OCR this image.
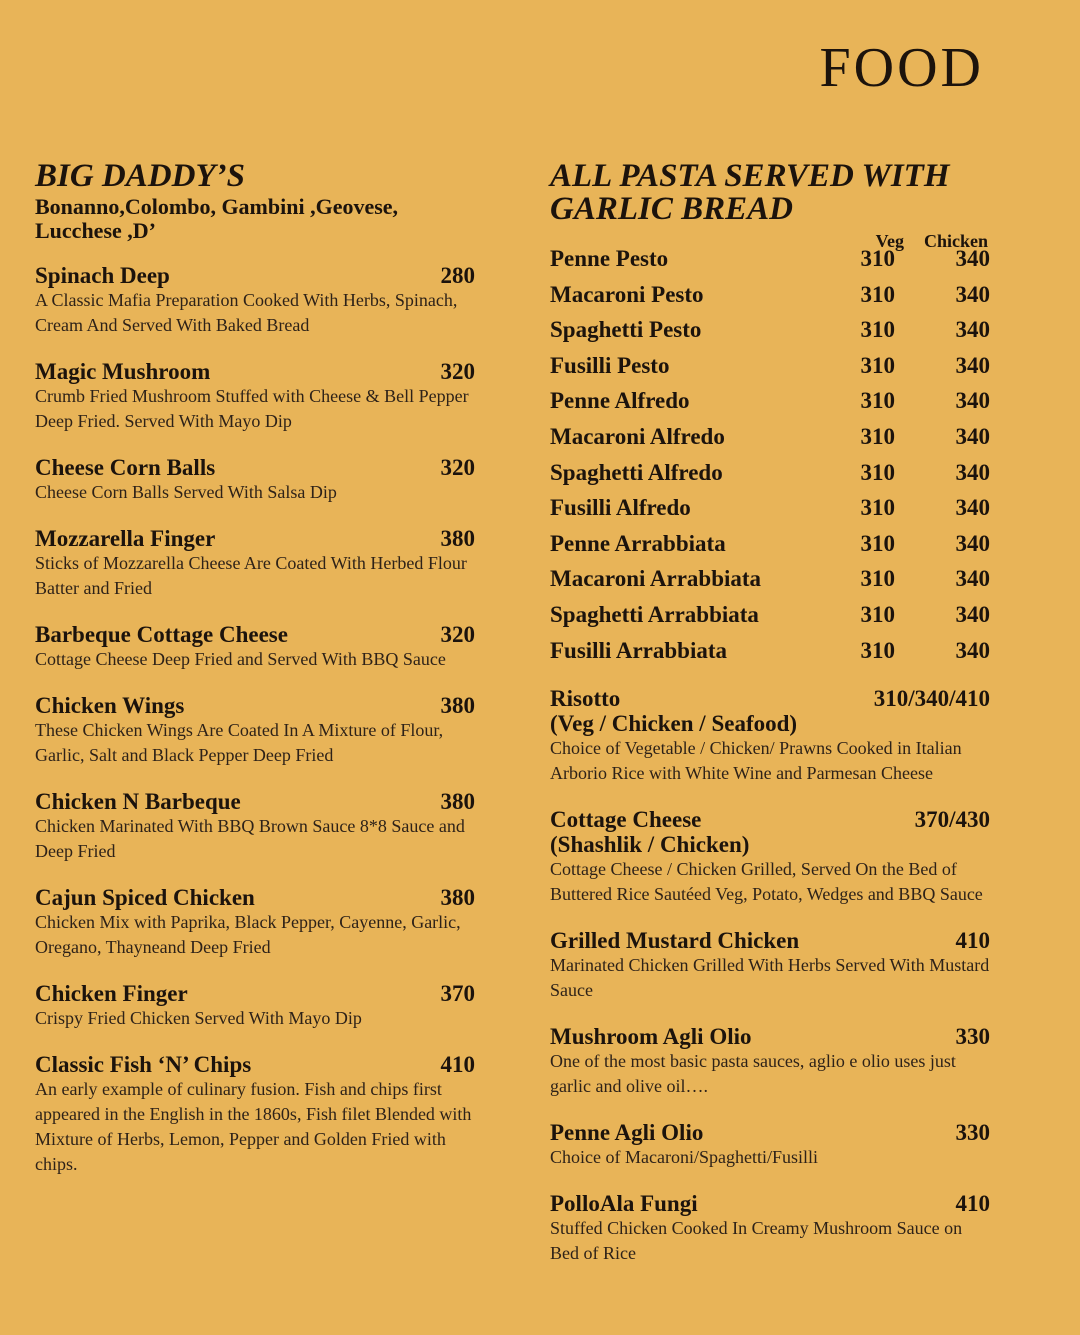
FOOD
BIG DADDY’S
Bonanno,Colombo, Gambini ,Geovese, Lucchese ,D’
Spinach Deep	280
A Classic Mafia Preparation Cooked With Herbs, Spinach, Cream And Served With Baked Bread
Magic Mushroom	320
Crumb Fried Mushroom Stuffed with Cheese & Bell Pepper Deep Fried. Served With Mayo Dip
Cheese Corn Balls	320
Cheese Corn Balls Served With Salsa Dip
Mozzarella Finger	380
Sticks of Mozzarella Cheese Are Coated With Herbed Flour Batter and Fried
Barbeque Cottage Cheese	320
Cottage Cheese Deep Fried and Served With BBQ Sauce
Chicken Wings	380
These Chicken Wings Are Coated In A Mixture of Flour, Garlic, Salt and Black Pepper Deep Fried
Chicken N Barbeque	380
Chicken Marinated With BBQ Brown Sauce 8*8 Sauce and Deep Fried
Cajun Spiced Chicken	380
Chicken Mix with Paprika, Black Pepper, Cayenne, Garlic, Oregano, Thayneand Deep Fried
Chicken Finger	370
Crispy Fried Chicken Served With Mayo Dip
Classic Fish ‘N’ Chips	410
An early example of culinary fusion. Fish and chips first appeared in the English in the 1860s, Fish filet Blended with Mixture of Herbs, Lemon, Pepper and Golden Fried with chips.
ALL PASTA SERVED WITH GARLIC BREAD
Veg Chicken
Penne Pesto	310	340
Macaroni Pesto	310	340
Spaghetti Pesto	310	340
Fusilli Pesto	310	340
Penne Alfredo	310	340
Macaroni Alfredo	310	340
Spaghetti Alfredo	310	340
Fusilli Alfredo	310	340
Penne Arrabbiata	310	340
Macaroni Arrabbiata	310	340
Spaghetti Arrabbiata	310	340
Fusilli Arrabbiata	310	340
Risotto	310/340/410
(Veg / Chicken / Seafood)
Choice of Vegetable / Chicken/ Prawns Cooked in Italian Arborio Rice with White Wine and Parmesan Cheese
Cottage Cheese	370/430
(Shashlik / Chicken)
Cottage Cheese / Chicken Grilled, Served On the Bed of Buttered Rice Sautéed Veg, Potato, Wedges and BBQ Sauce
Grilled Mustard Chicken	410
Marinated Chicken Grilled With Herbs Served With Mustard Sauce
Mushroom Agli Olio	330
One of the most basic pasta sauces, aglio e olio uses just garlic and olive oil….
Penne Agli Olio	330
Choice of Macaroni/Spaghetti/Fusilli
PolloAla Fungi	410
Stuffed Chicken Cooked In Creamy Mushroom Sauce on Bed of Rice
